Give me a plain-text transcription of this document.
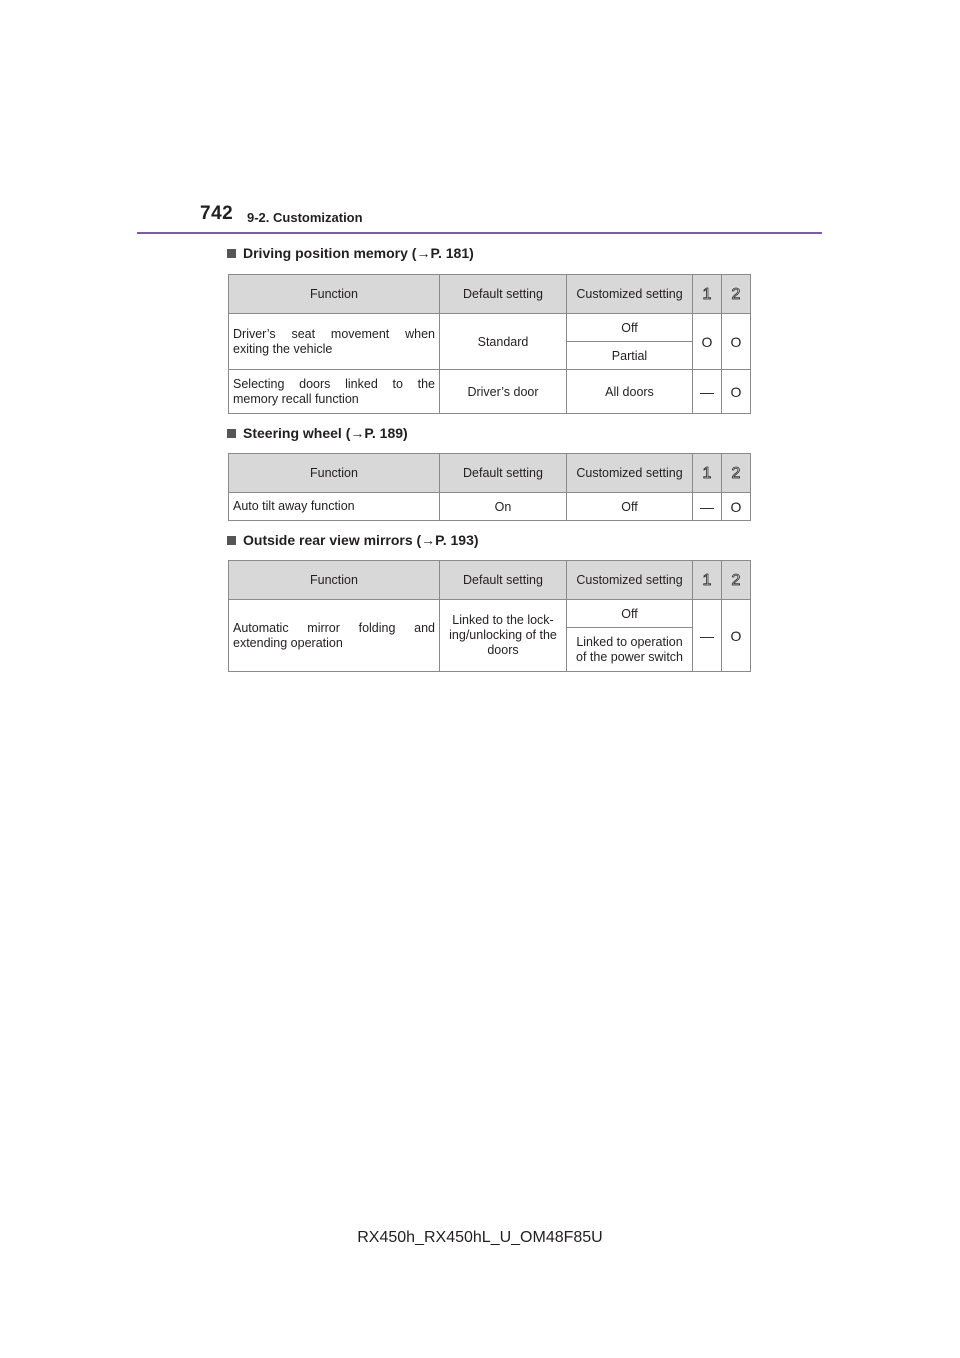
742 9-2. Customization
Driving position memory (→P. 181)
Function	Default setting	Customized setting	1	2

Driver’s seat movement when exiting the vehicle	Standard	Off	O	O
		Partial		
Selecting doors linked to the memory recall function	Driver’s door	All doors	—	O
Steering wheel (→P. 189)
Function	Default setting	Customized setting	1	2

Auto tilt away function	On	Off	—	O
Outside rear view mirrors (→P. 193)
Function	Default setting	Customized setting	1	2

Automatic mirror folding and extending operation	Linked to the lock-ing/unlocking of the doors	Off	—	O
		Linked to operation of the power switch		
RX450h_RX450hL_U_OM48F85U
